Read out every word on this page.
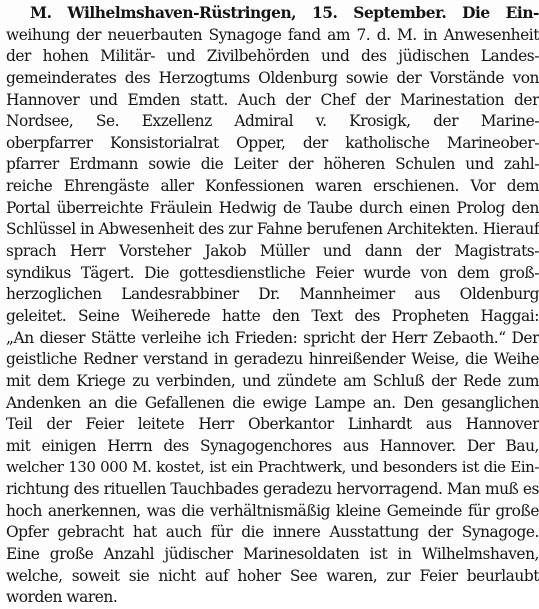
M. Wilhelmshaven-Rüstringen, 15. September. Die Ein-
weihung der neuerbauten Synagoge fand am 7. d. M. in Anwesenheit
der hohen Militär- und Zivilbehörden und des jüdischen Landes-
gemeinderates des Herzogtums Oldenburg sowie der Vorstände von
Hannover und Emden statt. Auch der Chef der Marinestation der
Nordsee, Se. Exzellenz Admiral v. Krosigk, der Marine-
oberpfarrer Konsistorialrat Opper, der katholische Marineober-
pfarrer Erdmann sowie die Leiter der höheren Schulen und zahl-
reiche Ehrengäste aller Konfessionen waren erschienen. Vor dem
Portal überreichte Fräulein Hedwig de Taube durch einen Prolog den
Schlüssel in Abwesenheit des zur Fahne berufenen Architekten. Hierauf
sprach Herr Vorsteher Jakob Müller und dann der Magistrats-
syndikus Tägert. Die gottesdienstliche Feier wurde von dem groß-
herzoglichen Landesrabbiner Dr. Mannheimer aus Oldenburg
geleitet. Seine Weiherede hatte den Text des Propheten Haggai:
„An dieser Stätte verleihe ich Frieden: spricht der Herr Zebaoth.“ Der
geistliche Redner verstand in geradezu hinreißender Weise, die Weihe
mit dem Kriege zu verbinden, und zündete am Schluß der Rede zum
Andenken an die Gefallenen die ewige Lampe an. Den gesanglichen
Teil der Feier leitete Herr Oberkantor Linhardt aus Hannover
mit einigen Herrn des Synagogenchores aus Hannover. Der Bau,
welcher 130 000 M. kostet, ist ein Prachtwerk, und besonders ist die Ein-
richtung des rituellen Tauchbades geradezu hervorragend. Man muß es
hoch anerkennen, was die verhältnismäßig kleine Gemeinde für große
Opfer gebracht hat auch für die innere Ausstattung der Synagoge.
Eine große Anzahl jüdischer Marinesoldaten ist in Wilhelmshaven,
welche, soweit sie nicht auf hoher See waren, zur Feier beurlaubt
worden waren.
